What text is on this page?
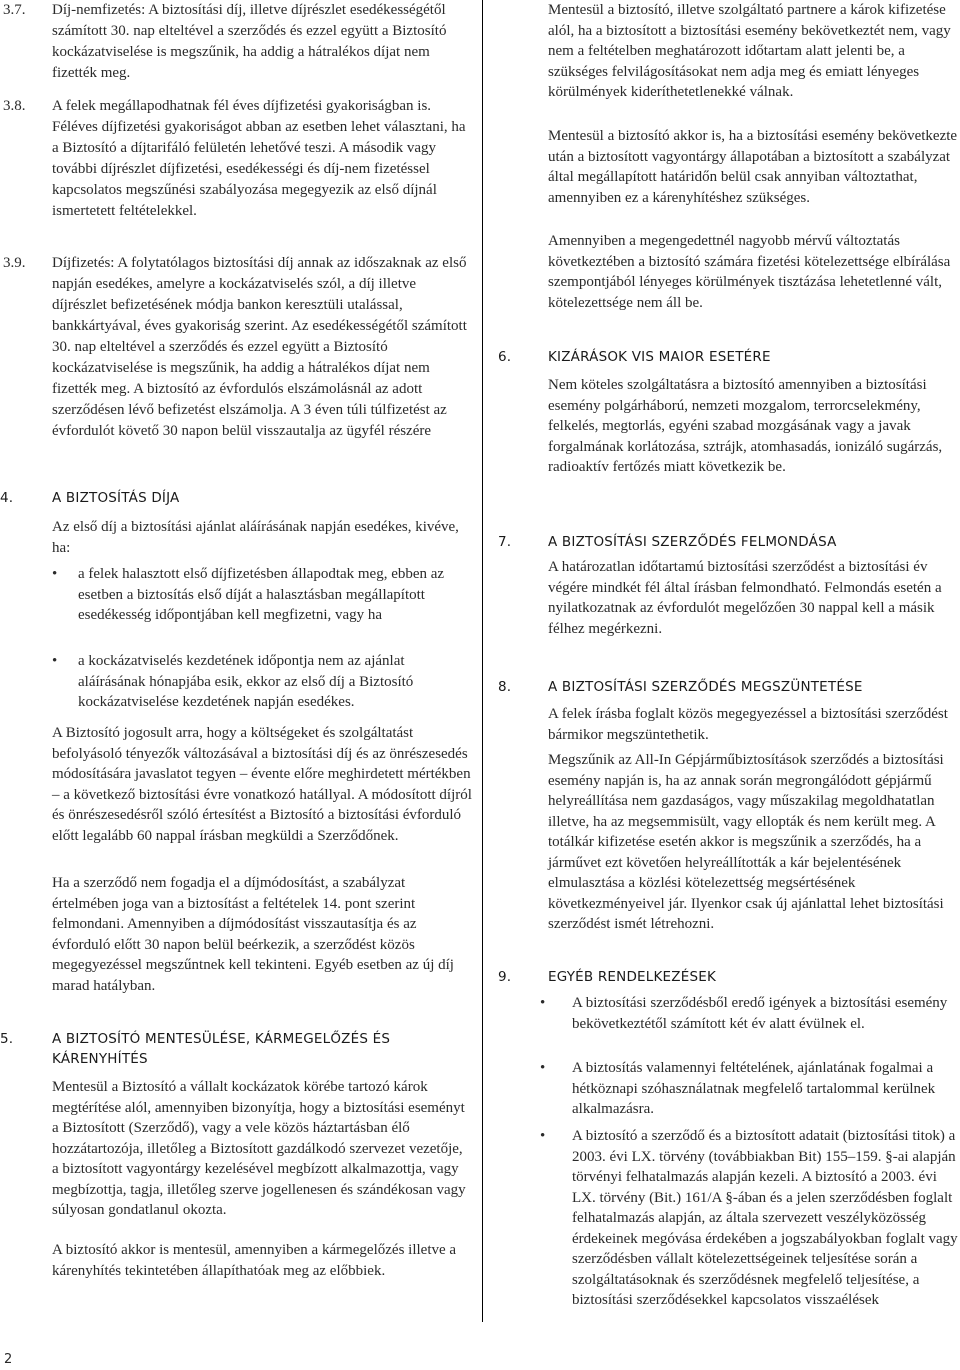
3.7. Díj-nemfizetés: A biztosítási díj, illetve díjrészlet esedékességétől számított 30. nap elteltével a szerződés és ezzel együtt a Biztosító kockázatviselése is megszűnik, ha addig a hátralékos díjat nem fizették meg.
3.8. A felek megállapodhatnak fél éves díjfizetési gyakoriságban is. Féléves díjfizetési gyakoriságot abban az esetben lehet választani, ha a Biztosító a díjtarifáló felületén lehetővé teszi. A második vagy további díjrészlet díjfizetési, esedékességi és díj-nem fizetéssel kapcsolatos megszűnési szabályozása megegyezik az első díjnál ismertetett feltételekkel.
3.9. Díjfizetés: A folytatólagos biztosítási díj annak az időszaknak az első napján esedékes, amelyre a kockázatviselés szól, a díj illetve díjrészlet befizetésének módja bankon keresztüli utalással, bankkártyával, éves gyakoriság szerint. Az esedékességétől számított 30. nap elteltével a szerződés és ezzel együtt a Biztosító kockázatviselése is megszűnik, ha addig a hátralékos díjat nem fizették meg. A biztosító az évfordulós elszámolásnál az adott szerződésen lévő befizetést elszámolja. A 3 éven túli túlfizetést az évfordulót követő 30 napon belül visszautalja az ügyfél részére
4.	A BIZTOSÍTÁS DÍJA
Az első díj a biztosítási ajánlat aláírásának napján esedékes, kivéve, ha:
• a felek halasztott első díjfizetésben állapodtak meg, ebben az esetben a biztosítás első díját a halasztásban megállapított esedékesség időpontjában kell megfizetni, vagy ha
• a kockázatviselés kezdetének időpontja nem az ajánlat aláírásának hónapjába esik, ekkor az első díj a Biztosító kockázatviselése kezdetének napján esedékes.
A Biztosító jogosult arra, hogy a költségeket és szolgáltatást befolyásoló tényezők változásával a biztosítási díj és az önrészesedés módosítására javaslatot tegyen – évente előre meghirdetett mértékben – a következő biztosítási évre vonatkozó hatállyal. A módosított díjról és önrészesedésről szóló értesítést a Biztosító a biztosítási évforduló előtt legalább 60 nappal írásban megküldi a Szerződőnek.
Ha a szerződő nem fogadja el a díjmódosítást, a szabályzat értelmében joga van a biztosítást a feltételek 14. pont szerint felmondani. Amennyiben a díjmódosítást visszautasítja és az évforduló előtt 30 napon belül beérkezik, a szerződést közös megegyezéssel megszűntnek kell tekinteni. Egyéb esetben az új díj marad hatályban.
5.	A BIZTOSÍTÓ MENTESÜLÉSE, KÁRMEGELŐZÉS ÉS KÁRENYHÍTÉS
Mentesül a Biztosító a vállalt kockázatok körébe tartozó károk megtérítése alól, amennyiben bizonyítja, hogy a biztosítási eseményt a Biztosított (Szerződő), vagy a vele közös háztartásban élő hozzátartozója, illetőleg a Biztosított gazdálkodó szervezet vezetője, a biztosított vagyontárgy kezelésével megbízott alkalmazottja, vagy megbízottja, tagja, illetőleg szerve jogellenesen és szándékosan vagy súlyosan gondatlanul okozta.
A biztosító akkor is mentesül, amennyiben a kármegelőzés illetve a kárenyhítés tekintetében állapíthatóak meg az előbbiek.
Mentesül a biztosító, illetve szolgáltató partnere a károk kifizetése alól, ha a biztosított a biztosítási esemény bekövetkeztét nem, vagy nem a feltételben meghatározott időtartam alatt jelenti be, a szükséges felvilágosításokat nem adja meg és emiatt lényeges körülmények kideríthetetlenekké válnak.
Mentesül a biztosító akkor is, ha a biztosítási esemény bekövetkezte után a biztosított vagyontárgy állapotában a biztosított a szabályzat által megállapított határidőn belül csak annyiban változtathat, amennyiben ez a kárenyhítéshez szükséges.
Amennyiben a megengedettnél nagyobb mérvű változtatás következtében a biztosító számára fizetési kötelezettsége elbírálása szempontjából lényeges körülmények tisztázása lehetetlenné vált, kötelezettsége nem áll be.
6.	KIZÁRÁSOK VIS MAIOR ESETÉRE
Nem köteles szolgáltatásra a biztosító amennyiben a biztosítási esemény polgárháború, nemzeti mozgalom, terrorcselekmény, felkelés, megtorlás, egyéni szabad mozgásának vagy a javak forgalmának korlátozása, sztrájk, atomhasadás, ionizáló sugárzás, radioaktív fertőzés miatt következik be.
7.	A BIZTOSÍTÁSI SZERZŐDÉS FELMONDÁSA
A határozatlan időtartamú biztosítási szerződést a biztosítási év végére mindkét fél által írásban felmondható. Felmondás esetén a nyilatkozatnak az évfordulót megelőzően 30 nappal kell a másik félhez megérkezni.
8.	A BIZTOSÍTÁSI SZERZŐDÉS MEGSZÜNTETÉSE
A felek írásba foglalt közös megegyezéssel a biztosítási szerződést bármikor megszüntethetik.
Megszűnik az All-In Gépjárműbiztosítások szerződés a biztosítási esemény napján is, ha az annak során megrongálódott gépjármű helyreállítása nem gazdaságos, vagy műszakilag megoldhatatlan illetve, ha az megsemmisült, vagy ellopták és nem került meg. A totálkár kifizetése esetén akkor is megszűnik a szerződés, ha a járművet ezt követően helyreállították a kár bejelentésének elmulasztása a közlési kötelezettség megsértésének következményeivel jár. Ilyenkor csak új ajánlattal lehet biztosítási szerződést ismét létrehozni.
9.	EGYÉB RENDELKEZÉSEK
• A biztosítási szerződésből eredő igények a biztosítási esemény bekövetkeztétől számított két év alatt évülnek el.
• A biztosítás valamennyi feltételének, ajánlatának fogalmai a hétköznapi szóhasználatnak megfelelő tartalommal kerülnek alkalmazásra.
• A biztosító a szerződő és a biztosított adatait (biztosítási titok) a 2003. évi LX. törvény (továbbiakban Bit) 155–159. §-ai alapján törvényi felhatalmazás alapján kezeli. A biztosító a 2003. évi LX. törvény (Bit.) 161/A §-ában és a jelen szerződésben foglalt felhatalmazás alapján, az általa szervezett veszélyközösség érdekeinek megóvása érdekében a jogszabályokban foglalt vagy szerződésben vállalt kötelezettségeinek teljesítése során a szolgáltatásoknak és szerződésnek megfelelő teljesítése, a biztosítási szerződésekkel kapcsolatos visszaélések
2
